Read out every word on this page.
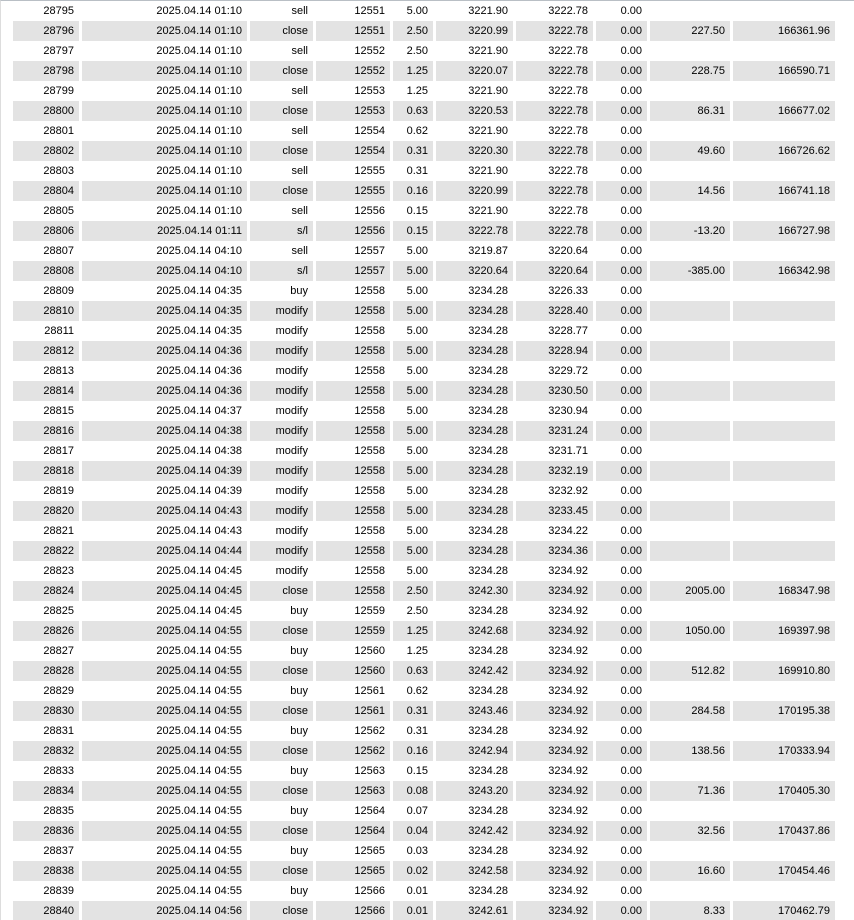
28795	2025.04.14 01:10	sell	12551	5.00	3221.90	3222.78	0.00		
28796	2025.04.14 01:10	close	12551	2.50	3220.99	3222.78	0.00	227.50	166361.96
28797	2025.04.14 01:10	sell	12552	2.50	3221.90	3222.78	0.00		
28798	2025.04.14 01:10	close	12552	1.25	3220.07	3222.78	0.00	228.75	166590.71
28799	2025.04.14 01:10	sell	12553	1.25	3221.90	3222.78	0.00		
28800	2025.04.14 01:10	close	12553	0.63	3220.53	3222.78	0.00	86.31	166677.02
28801	2025.04.14 01:10	sell	12554	0.62	3221.90	3222.78	0.00		
28802	2025.04.14 01:10	close	12554	0.31	3220.30	3222.78	0.00	49.60	166726.62
28803	2025.04.14 01:10	sell	12555	0.31	3221.90	3222.78	0.00		
28804	2025.04.14 01:10	close	12555	0.16	3220.99	3222.78	0.00	14.56	166741.18
28805	2025.04.14 01:10	sell	12556	0.15	3221.90	3222.78	0.00		
28806	2025.04.14 01:11	s/l	12556	0.15	3222.78	3222.78	0.00	-13.20	166727.98
28807	2025.04.14 04:10	sell	12557	5.00	3219.87	3220.64	0.00		
28808	2025.04.14 04:10	s/l	12557	5.00	3220.64	3220.64	0.00	-385.00	166342.98
28809	2025.04.14 04:35	buy	12558	5.00	3234.28	3226.33	0.00		
28810	2025.04.14 04:35	modify	12558	5.00	3234.28	3228.40	0.00		
28811	2025.04.14 04:35	modify	12558	5.00	3234.28	3228.77	0.00		
28812	2025.04.14 04:36	modify	12558	5.00	3234.28	3228.94	0.00		
28813	2025.04.14 04:36	modify	12558	5.00	3234.28	3229.72	0.00		
28814	2025.04.14 04:36	modify	12558	5.00	3234.28	3230.50	0.00		
28815	2025.04.14 04:37	modify	12558	5.00	3234.28	3230.94	0.00		
28816	2025.04.14 04:38	modify	12558	5.00	3234.28	3231.24	0.00		
28817	2025.04.14 04:38	modify	12558	5.00	3234.28	3231.71	0.00		
28818	2025.04.14 04:39	modify	12558	5.00	3234.28	3232.19	0.00		
28819	2025.04.14 04:39	modify	12558	5.00	3234.28	3232.92	0.00		
28820	2025.04.14 04:43	modify	12558	5.00	3234.28	3233.45	0.00		
28821	2025.04.14 04:43	modify	12558	5.00	3234.28	3234.22	0.00		
28822	2025.04.14 04:44	modify	12558	5.00	3234.28	3234.36	0.00		
28823	2025.04.14 04:45	modify	12558	5.00	3234.28	3234.92	0.00		
28824	2025.04.14 04:45	close	12558	2.50	3242.30	3234.92	0.00	2005.00	168347.98
28825	2025.04.14 04:45	buy	12559	2.50	3234.28	3234.92	0.00		
28826	2025.04.14 04:55	close	12559	1.25	3242.68	3234.92	0.00	1050.00	169397.98
28827	2025.04.14 04:55	buy	12560	1.25	3234.28	3234.92	0.00		
28828	2025.04.14 04:55	close	12560	0.63	3242.42	3234.92	0.00	512.82	169910.80
28829	2025.04.14 04:55	buy	12561	0.62	3234.28	3234.92	0.00		
28830	2025.04.14 04:55	close	12561	0.31	3243.46	3234.92	0.00	284.58	170195.38
28831	2025.04.14 04:55	buy	12562	0.31	3234.28	3234.92	0.00		
28832	2025.04.14 04:55	close	12562	0.16	3242.94	3234.92	0.00	138.56	170333.94
28833	2025.04.14 04:55	buy	12563	0.15	3234.28	3234.92	0.00		
28834	2025.04.14 04:55	close	12563	0.08	3243.20	3234.92	0.00	71.36	170405.30
28835	2025.04.14 04:55	buy	12564	0.07	3234.28	3234.92	0.00		
28836	2025.04.14 04:55	close	12564	0.04	3242.42	3234.92	0.00	32.56	170437.86
28837	2025.04.14 04:55	buy	12565	0.03	3234.28	3234.92	0.00		
28838	2025.04.14 04:55	close	12565	0.02	3242.58	3234.92	0.00	16.60	170454.46
28839	2025.04.14 04:55	buy	12566	0.01	3234.28	3234.92	0.00		
28840	2025.04.14 04:56	close	12566	0.01	3242.61	3234.92	0.00	8.33	170462.79
